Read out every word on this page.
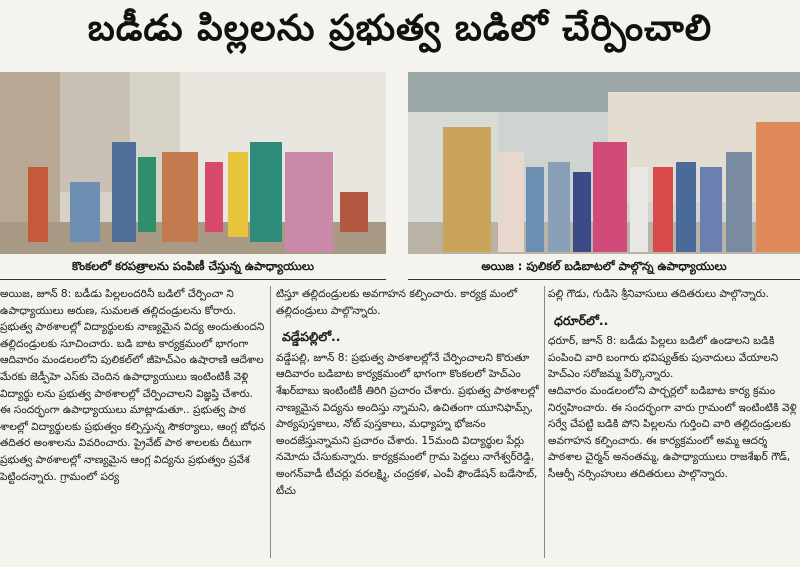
బడీడు పిల్లలను ప్రభుత్వ బడిలో చేర్పించాలి
కొంకలలో కరపత్రాలను పంపిణీ చేస్తున్న ఉపాధ్యాయులు	అయిజ : పులికల్ బడిబాటలో పాల్గొన్న ఉపాధ్యాయులు

అయిజ, జూన్ 8: బడీడు పిల్లలందరినీ బడిలో చేర్పించా ని ఉపాధ్యాయులు అరుణ, సుమలత తల్లిదండ్రులను కోరారు. ప్రభుత్వ పాఠశాలల్లో విద్యార్థులకు నాణ్యమైన విద్య అందుతుందని తల్లిదండ్రులకు సూచించారు. బడి బాట కార్యక్రమంలో భాగంగా ఆదివారం మండలంలోని పులికల్‌లో జీహెచ్‌ఎం ఉషారాణి ఆదేశాల మేరకు జెడ్పీహె ఎస్‌కు చెందిన ఉపాధ్యాయులు ఇంటింటికీ వెళ్లి విద్యార్థు లను ప్రభుత్వ పాఠశాలల్లో చేర్పించాలని విజ్ఞప్తి చేశారు. ఈ సందర్భంగా ఉపాధ్యాయులు మాట్లాడుతూ.. ప్రభుత్వ పాఠ శాలల్లో విద్యార్థులకు ప్రభుత్వం కల్పిస్తున్న సౌకర్యాలు, ఆంగ్ల బోధన తదితర అంశాలను వివరించారు. ప్రైవేట్ పాఠ శాలలకు దీటుగా ప్రభుత్వ పాఠశాలల్లో నాణ్యమైన ఆంగ్ల విద్యను ప్రభుత్వం ప్రవేశ పెట్టిందన్నారు. గ్రామంలో పర్య

టిస్తూ తల్లిదండ్రులకు అవగాహన కల్పించారు. కార్యక్ర మంలో తల్లిదండ్రులు పాల్గొన్నారు.

వడ్డేపల్లిలో..

వడ్డేపల్లి, జూన్ 8: ప్రభుత్వ పాఠశాలల్లోనే చేర్పించాలని కొరుతూ ఆదివారం బడిబాట కార్యక్రమంలో భాగంగా కొంకలలో హెచ్‌ఎం శేఖర్‌బాబు ఇంటింటికీ తిరిగి ప్రచారం చేశారు. ప్రభుత్వ పాఠశాలల్లో నాణ్యమైన విద్యను అందిస్తు న్నామని, ఉచితంగా యూనిఫామ్స్, పాఠ్యపుస్తకాలు, నోట్ పుస్తకాలు, మధ్యాహ్న భోజనం అందజేస్తున్నామని ప్రచారం చేశారు. 15మంది విద్యార్థుల పేర్లు నమోదు చేసుకున్నారు. కార్యక్రమంలో గ్రామ పెద్దలు నాగేశ్వర్‌రెడ్డి, అంగన్‌వాడీ టీచర్లు వరలక్ష్మి, చంద్రకళ, ఎంవీ ఫౌండేషన్ బడేసాబ్, టీచు

పల్లి గౌడు, గుడిసె శ్రీనివాసులు తదితరులు పాల్గొన్నారు.

ధరూర్‌లో..

ధరూర్, జూన్ 8: బడీడు పిల్లలు బడిలో ఉండాలని బడికి పంపించి వారి బంగారు భవిష్యత్‌కు పునాదులు వేయాలని హెచ్‌ఎం సరోజమ్మ పేర్కొన్నారు.

ఆదివారం మండలంలోని పార్చర్లలో బడిబాట కార్య క్రమం నిర్వహించారు. ఈ సందర్భంగా వారు గ్రామంలో ఇంటింటికి వెళ్లి సర్వే చేపట్టి బడికి పోని పిల్లలను గుర్తించి వారి తల్లిదండ్రులకు అవగాహన కల్పించారు. ఈ కార్యక్రమంలో అమ్మ ఆదర్శ పాఠశాల చైర్మన్ అనంతమ్మ, ఉపాధ్యాయులు రాజశేఖర్ గౌడ్, సీఆర్పీ నర్సింహులు తదితరులు పాల్గొన్నారు.
